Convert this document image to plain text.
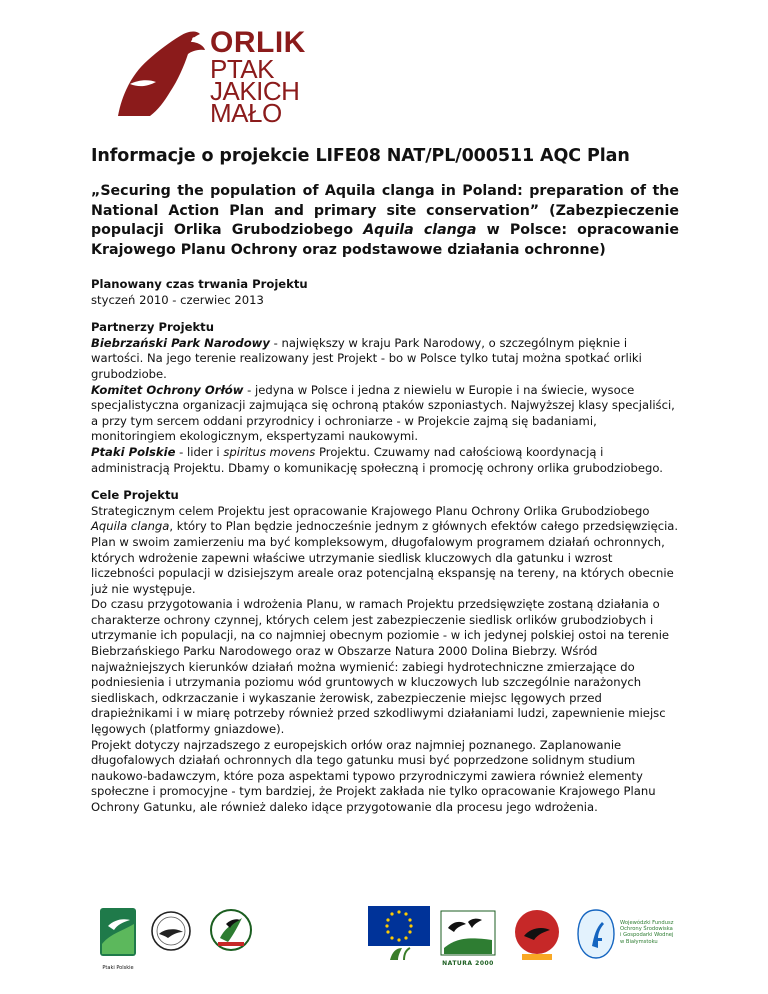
ORLIK
PTAK
JAKICH
MAŁO
Informacje o projekcie LIFE08 NAT/PL/000511 AQC Plan

„Securing the population of Aquila clanga in Poland: preparation of the National Action Plan and primary site conservation” (Zabezpieczenie populacji Orlika Grubodziobego Aquila clanga w Polsce: opracowanie Krajowego Planu Ochrony oraz podstawowe działania ochronne)

Planowany czas trwania Projektu
styczeń 2010 - czerwiec 2013
Partnerzy Projektu
Biebrzański Park Narodowy - największy w kraju Park Narodowy, o szczególnym pięknie i wartości. Na jego terenie realizowany jest Projekt - bo w Polsce tylko tutaj można spotkać orliki grubodziobe.
Komitet Ochrony Orłów - jedyna w Polsce i jedna z niewielu w Europie i na świecie, wysoce specjalistyczna organizacji zajmująca się ochroną ptaków szponiastych. Najwyższej klasy specjaliści, a przy tym sercem oddani przyrodnicy i ochroniarze - w Projekcie zajmą się badaniami, monitoringiem ekologicznym, ekspertyzami naukowymi.
Ptaki Polskie - lider i spiritus movens Projektu. Czuwamy nad całościową koordynacją i administracją Projektu. Dbamy o komunikację społeczną i promocję ochrony orlika grubodziobego.
Cele Projektu
Strategicznym celem Projektu jest opracowanie Krajowego Planu Ochrony Orlika Grubodziobego Aquila clanga, który to Plan będzie jednocześnie jednym z głównych efektów całego przedsięwzięcia. Plan w swoim zamierzeniu ma być kompleksowym, długofalowym programem działań ochronnych, których wdrożenie zapewni właściwe utrzymanie siedlisk kluczowych dla gatunku i wzrost liczebności populacji w dzisiejszym areale oraz potencjalną ekspansję na tereny, na których obecnie już nie występuje.
Do czasu przygotowania i wdrożenia Planu, w ramach Projektu przedsięwzięte zostaną działania o charakterze ochrony czynnej, których celem jest zabezpieczenie siedlisk orlików grubodziobych i utrzymanie ich populacji, na co najmniej obecnym poziomie - w ich jedynej polskiej ostoi na terenie Biebrzańskiego Parku Narodowego oraz w Obszarze Natura 2000 Dolina Biebrzy. Wśród najważniejszych kierunków działań można wymienić: zabiegi hydrotechniczne zmierzające do podniesienia i utrzymania poziomu wód gruntowych w kluczowych lub szczególnie narażonych siedliskach, odkrzaczanie i wykaszanie żerowisk, zabezpieczenie miejsc lęgowych przed drapieżnikami i w miarę potrzeby również przed szkodliwymi działaniami ludzi, zapewnienie miejsc lęgowych (platformy gniazdowe).
Projekt dotyczy najrzadszego z europejskich orłów oraz najmniej poznanego. Zaplanowanie długofalowych działań ochronnych dla tego gatunku musi być poprzedzone solidnym studium naukowo-badawczym, które poza aspektami typowo przyrodniczymi zawiera również elementy społeczne i promocyjne - tym bardziej, że Projekt zakłada nie tylko opracowanie Krajowego Planu Ochrony Gatunku, ale również daleko idące przygotowanie dla procesu jego wdrożenia.
Ptaki Polskie
NATURA 2000
Wojewódzki Fundusz
Ochrony Środowiska
i Gospodarki Wodnej
w Białymstoku
